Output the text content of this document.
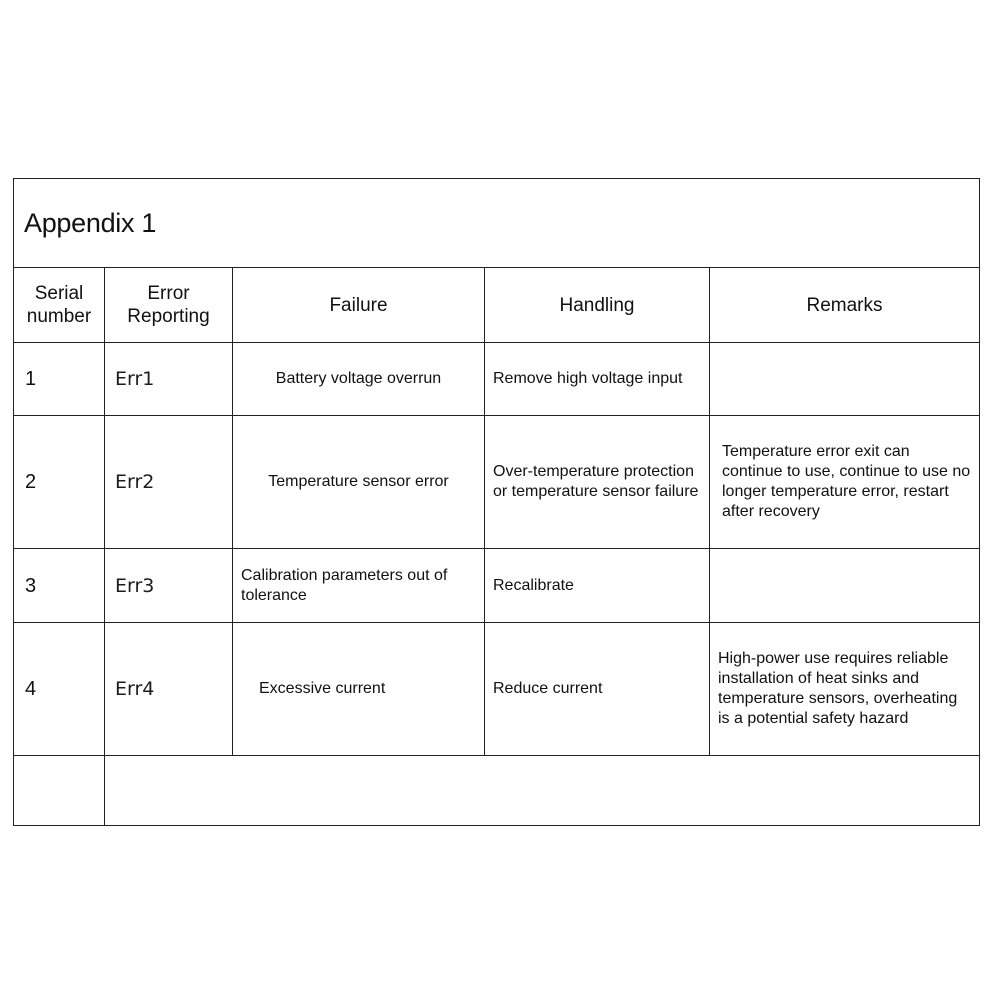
Appendix 1				
Serial number	Error Reporting	Failure	Handling	Remarks
1	Err1	Battery voltage overrun	Remove high voltage input	
2	Err2	Temperature sensor error	Over-temperature protection or temperature sensor failure	Temperature error exit can continue to use, continue to use no longer temperature error, restart after recovery
3	Err3	Calibration parameters out of tolerance	Recalibrate	
4	Err4	Excessive current	Reduce current	High-power use requires reliable installation of heat sinks and temperature sensors, overheating is a potential safety hazard
